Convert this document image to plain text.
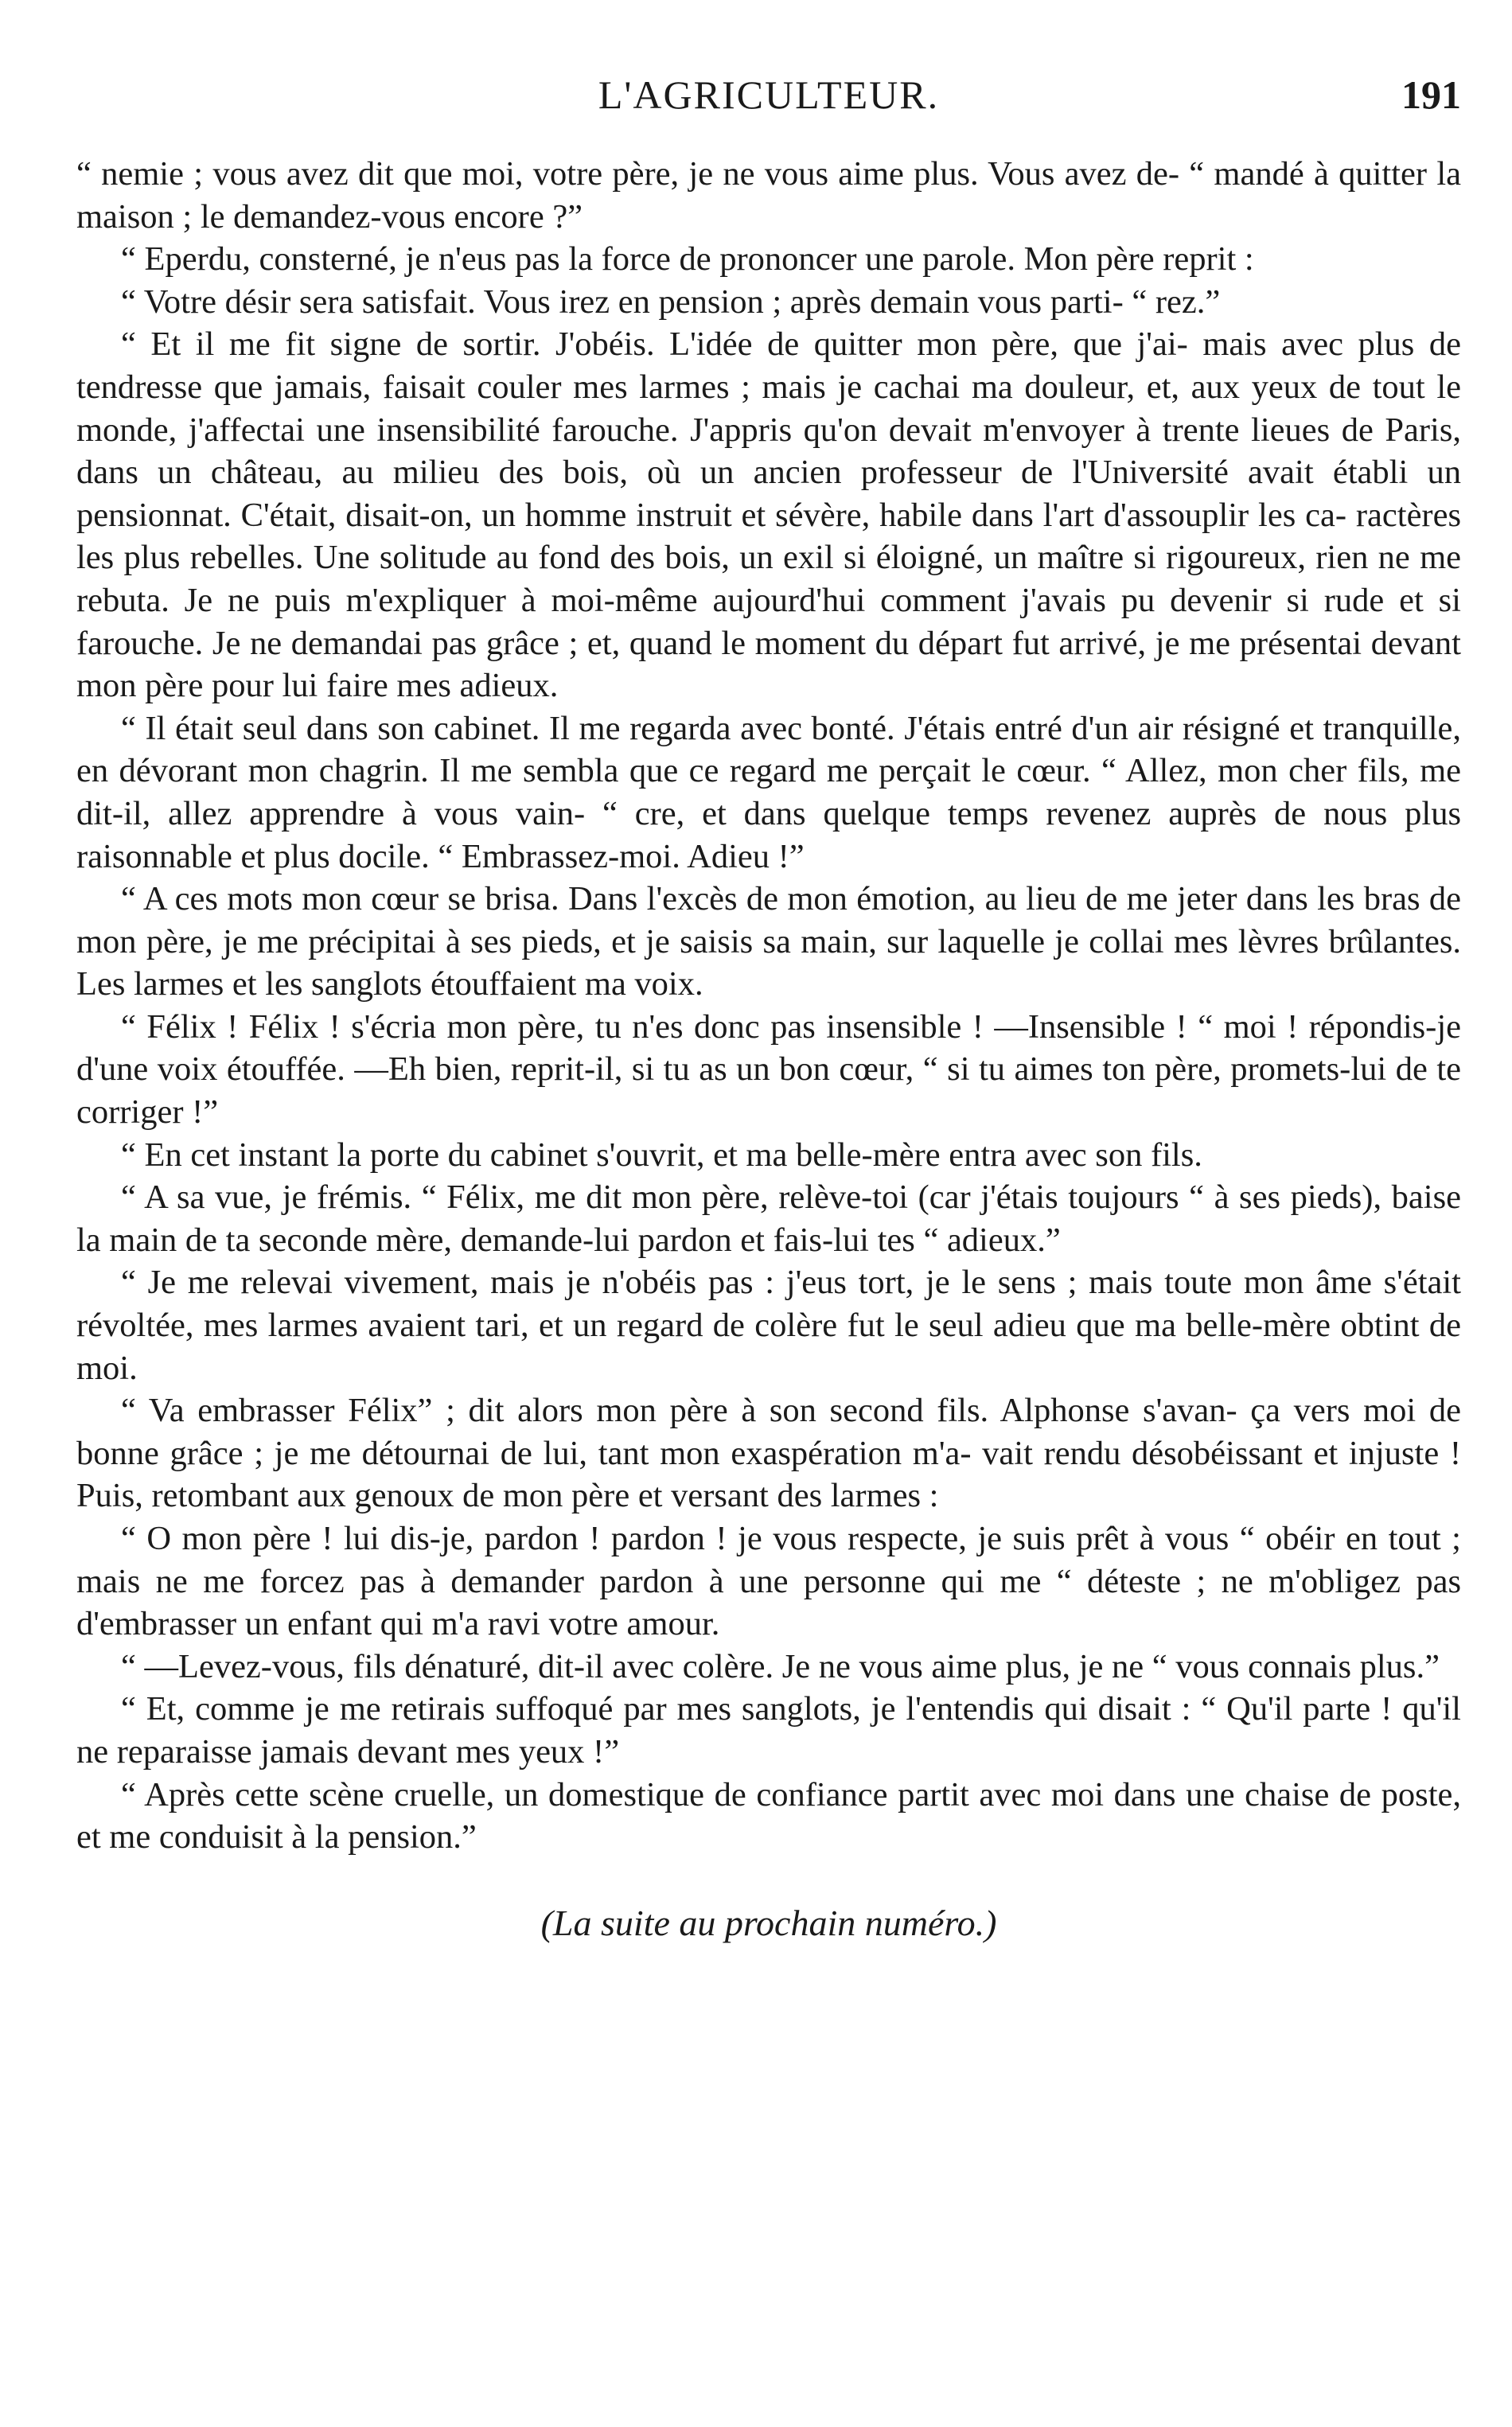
L'AGRICULTEUR.	191

“ nemie ; vous avez dit que moi, votre père, je ne vous aime plus. Vous avez de- “ mandé à quitter la maison ; le demandez-vous encore ?”

“ Eperdu, consterné, je n'eus pas la force de prononcer une parole. Mon père reprit :

“ Votre désir sera satisfait. Vous irez en pension ; après demain vous parti- “ rez.”

“ Et il me fit signe de sortir. J'obéis. L'idée de quitter mon père, que j'ai- mais avec plus de tendresse que jamais, faisait couler mes larmes ; mais je cachai ma douleur, et, aux yeux de tout le monde, j'affectai une insensibilité farouche. J'appris qu'on devait m'envoyer à trente lieues de Paris, dans un château, au milieu des bois, où un ancien professeur de l'Université avait établi un pensionnat. C'était, disait-on, un homme instruit et sévère, habile dans l'art d'assouplir les ca- ractères les plus rebelles. Une solitude au fond des bois, un exil si éloigné, un maître si rigoureux, rien ne me rebuta. Je ne puis m'expliquer à moi-même aujourd'hui comment j'avais pu devenir si rude et si farouche. Je ne demandai pas grâce ; et, quand le moment du départ fut arrivé, je me présentai devant mon père pour lui faire mes adieux.

“ Il était seul dans son cabinet. Il me regarda avec bonté. J'étais entré d'un air résigné et tranquille, en dévorant mon chagrin. Il me sembla que ce regard me perçait le cœur. “ Allez, mon cher fils, me dit-il, allez apprendre à vous vain- “ cre, et dans quelque temps revenez auprès de nous plus raisonnable et plus docile. “ Embrassez-moi. Adieu !”

“ A ces mots mon cœur se brisa. Dans l'excès de mon émotion, au lieu de me jeter dans les bras de mon père, je me précipitai à ses pieds, et je saisis sa main, sur laquelle je collai mes lèvres brûlantes. Les larmes et les sanglots étouffaient ma voix.

“ Félix ! Félix ! s'écria mon père, tu n'es donc pas insensible ! —Insensible ! “ moi ! répondis-je d'une voix étouffée. —Eh bien, reprit-il, si tu as un bon cœur, “ si tu aimes ton père, promets-lui de te corriger !”

“ En cet instant la porte du cabinet s'ouvrit, et ma belle-mère entra avec son fils.

“ A sa vue, je frémis. “ Félix, me dit mon père, relève-toi (car j'étais toujours “ à ses pieds), baise la main de ta seconde mère, demande-lui pardon et fais-lui tes “ adieux.”

“ Je me relevai vivement, mais je n'obéis pas : j'eus tort, je le sens ; mais toute mon âme s'était révoltée, mes larmes avaient tari, et un regard de colère fut le seul adieu que ma belle-mère obtint de moi.

“ Va embrasser Félix” ; dit alors mon père à son second fils. Alphonse s'avan- ça vers moi de bonne grâce ; je me détournai de lui, tant mon exaspération m'a- vait rendu désobéissant et injuste ! Puis, retombant aux genoux de mon père et versant des larmes :

“ O mon père ! lui dis-je, pardon ! pardon ! je vous respecte, je suis prêt à vous “ obéir en tout ; mais ne me forcez pas à demander pardon à une personne qui me “ déteste ; ne m'obligez pas d'embrasser un enfant qui m'a ravi votre amour.

“ —Levez-vous, fils dénaturé, dit-il avec colère. Je ne vous aime plus, je ne “ vous connais plus.”

“ Et, comme je me retirais suffoqué par mes sanglots, je l'entendis qui disait : “ Qu'il parte ! qu'il ne reparaisse jamais devant mes yeux !”

“ Après cette scène cruelle, un domestique de confiance partit avec moi dans une chaise de poste, et me conduisit à la pension.”

(La suite au prochain numéro.)
